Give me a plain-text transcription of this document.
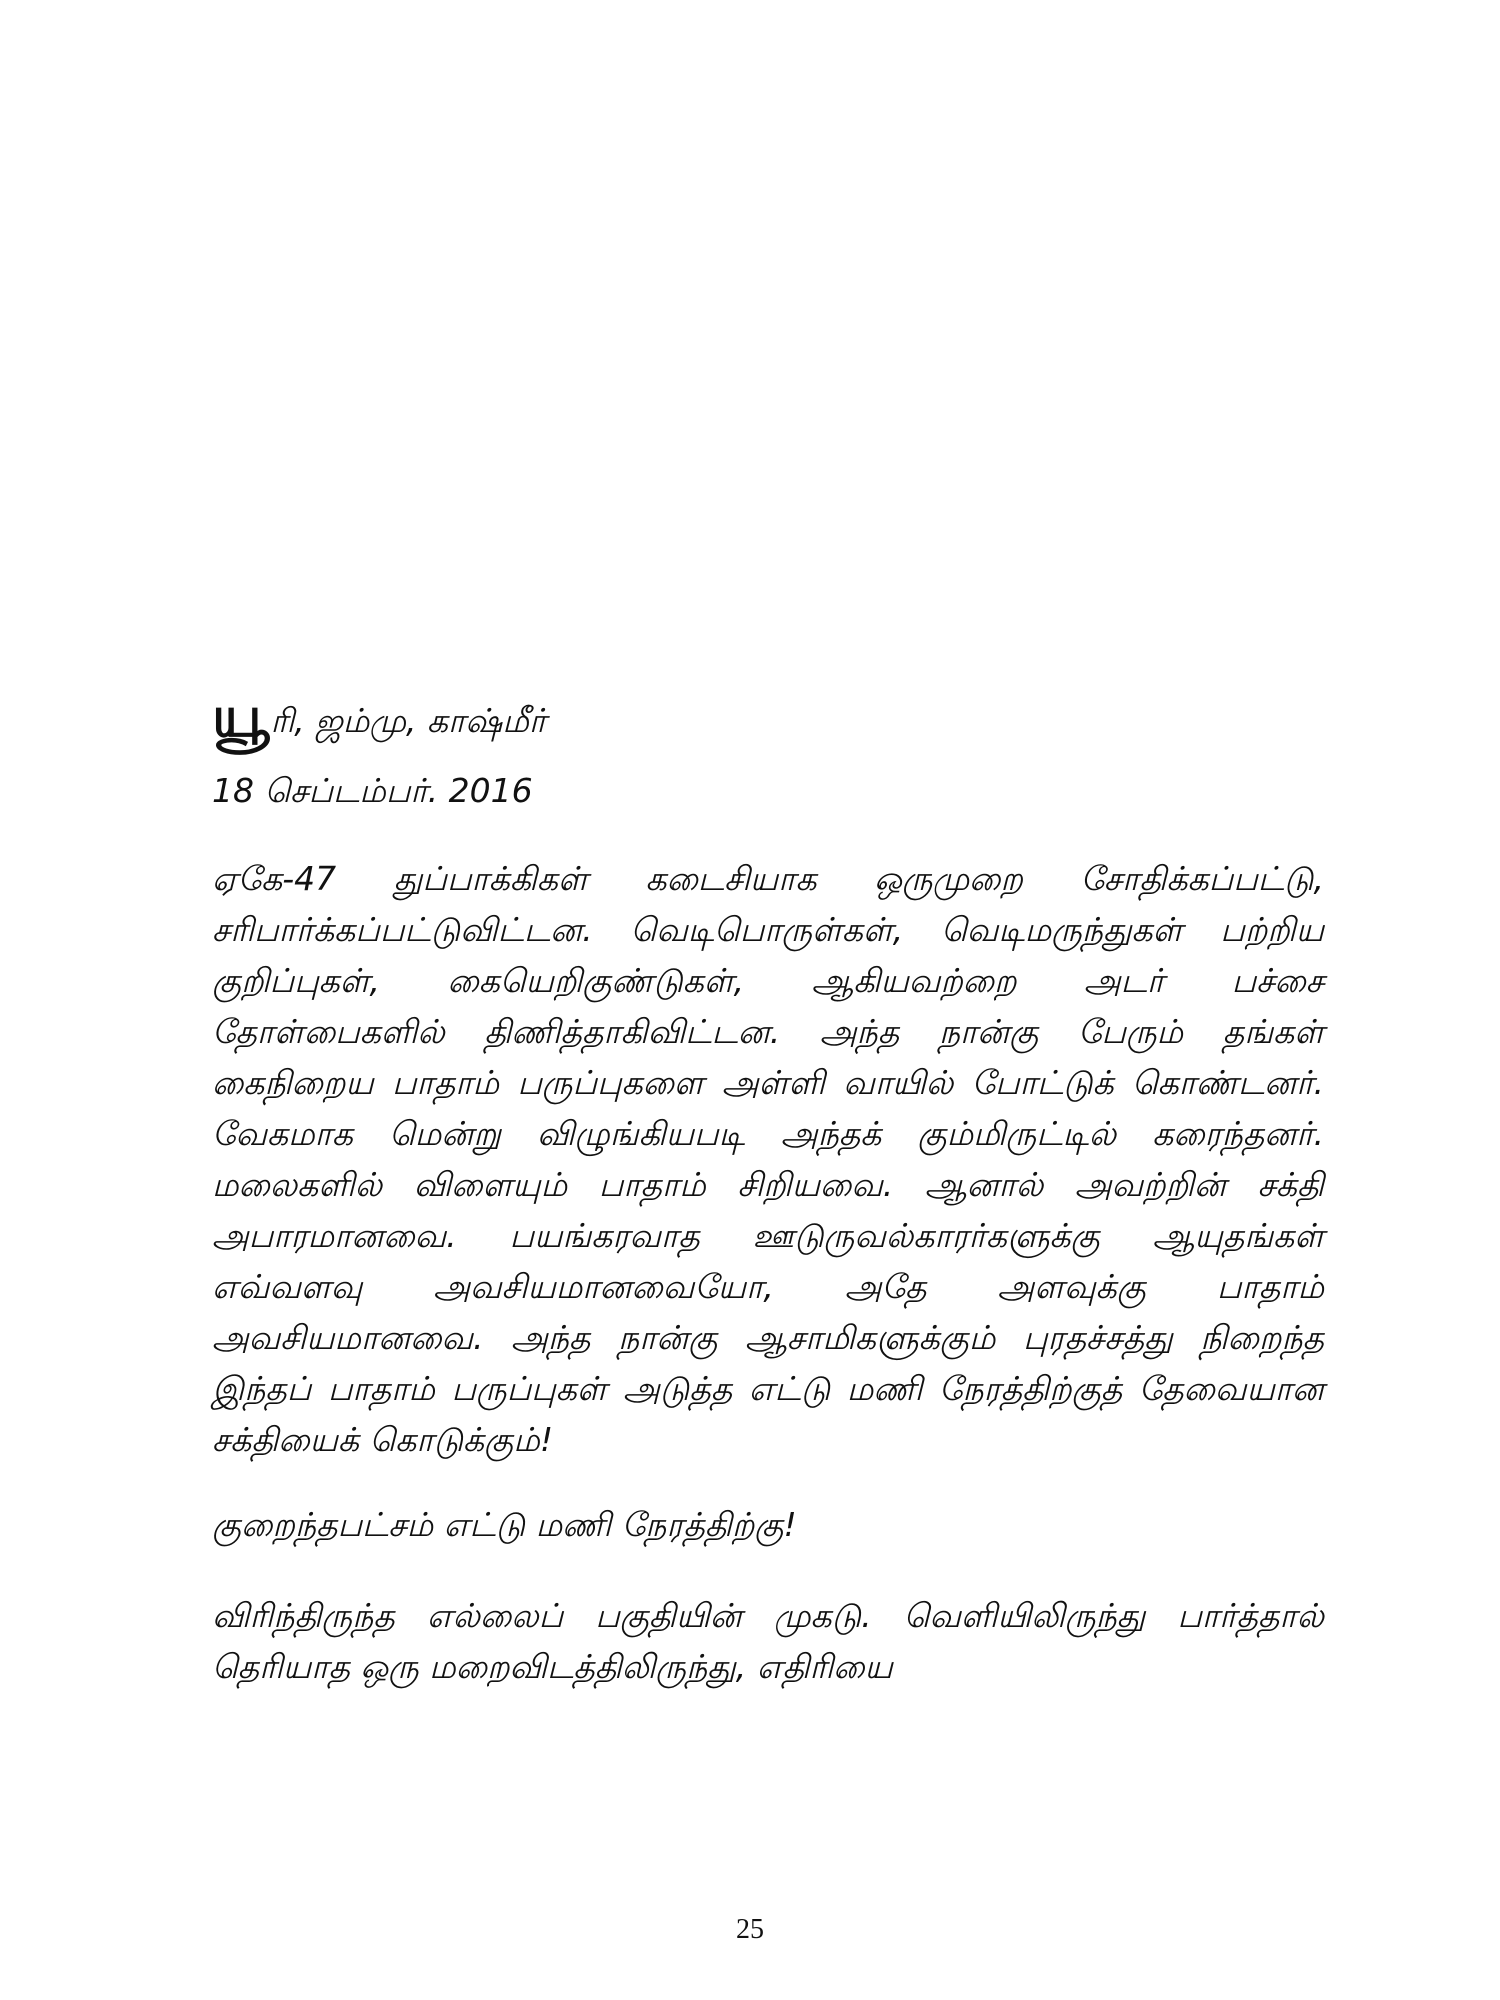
யூரி, ஜம்மு, காஷ்மீர்
18 செப்டம்பர். 2016

ஏகே-47 துப்பாக்கிகள் கடைசியாக ஒருமுறை சோதிக்கப்பட்டு, சரிபார்க்கப்பட்டுவிட்டன. வெடிபொருள்கள், வெடிமருந்துகள் பற்றிய குறிப்புகள், கையெறிகுண்டுகள், ஆகியவற்றை அடர் பச்சை தோள்பைகளில் திணித்தாகிவிட்டன. அந்த நான்கு பேரும் தங்கள் கைநிறைய பாதாம் பருப்புகளை அள்ளி வாயில் போட்டுக் கொண்டனர். வேகமாக மென்று விழுங்கியபடி அந்தக் கும்மிருட்டில் கரைந்தனர். மலைகளில் விளையும் பாதாம் சிறியவை. ஆனால் அவற்றின் சக்தி அபாரமானவை. பயங்கரவாத ஊடுருவல்காரர்களுக்கு ஆயுதங்கள் எவ்வளவு அவசியமானவையோ, அதே அளவுக்கு பாதாம் அவசியமானவை. அந்த நான்கு ஆசாமிகளுக்கும் புரதச்சத்து நிறைந்த இந்தப் பாதாம் பருப்புகள் அடுத்த எட்டு மணி நேரத்திற்குத் தேவையான சக்தியைக் கொடுக்கும்!

குறைந்தபட்சம் எட்டு மணி நேரத்திற்கு!

விரிந்திருந்த எல்லைப் பகுதியின் முகடு. வெளியிலிருந்து பார்த்தால் தெரியாத ஒரு மறைவிடத்திலிருந்து, எதிரியை

25
